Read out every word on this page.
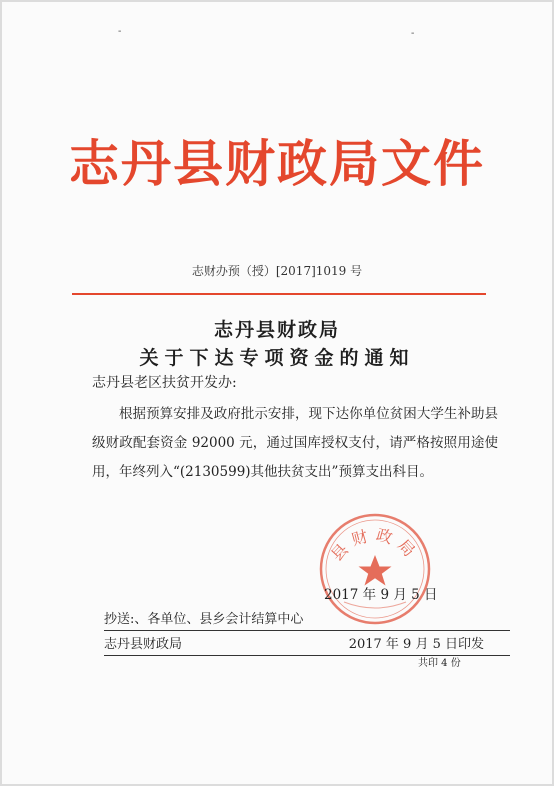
-	-
志丹县财政局文件
志财办预（授）[2017]1019 号
志丹县财政局
关于下达专项资金的通知
志丹县老区扶贫开发办:

根据预算安排及政府批示安排，现下达你单位贫困大学生补助县级财政配套资金 92000 元，通过国库授权支付，请严格按照用途使用，年终列入“(2130599)其他扶贫支出”预算支出科目。

县财政局
2017 年 9 月 5 日
抄送:、各单位、县乡会计结算中心
志丹县财政局	2017 年 9 月 5 日印发
共印 4 份
